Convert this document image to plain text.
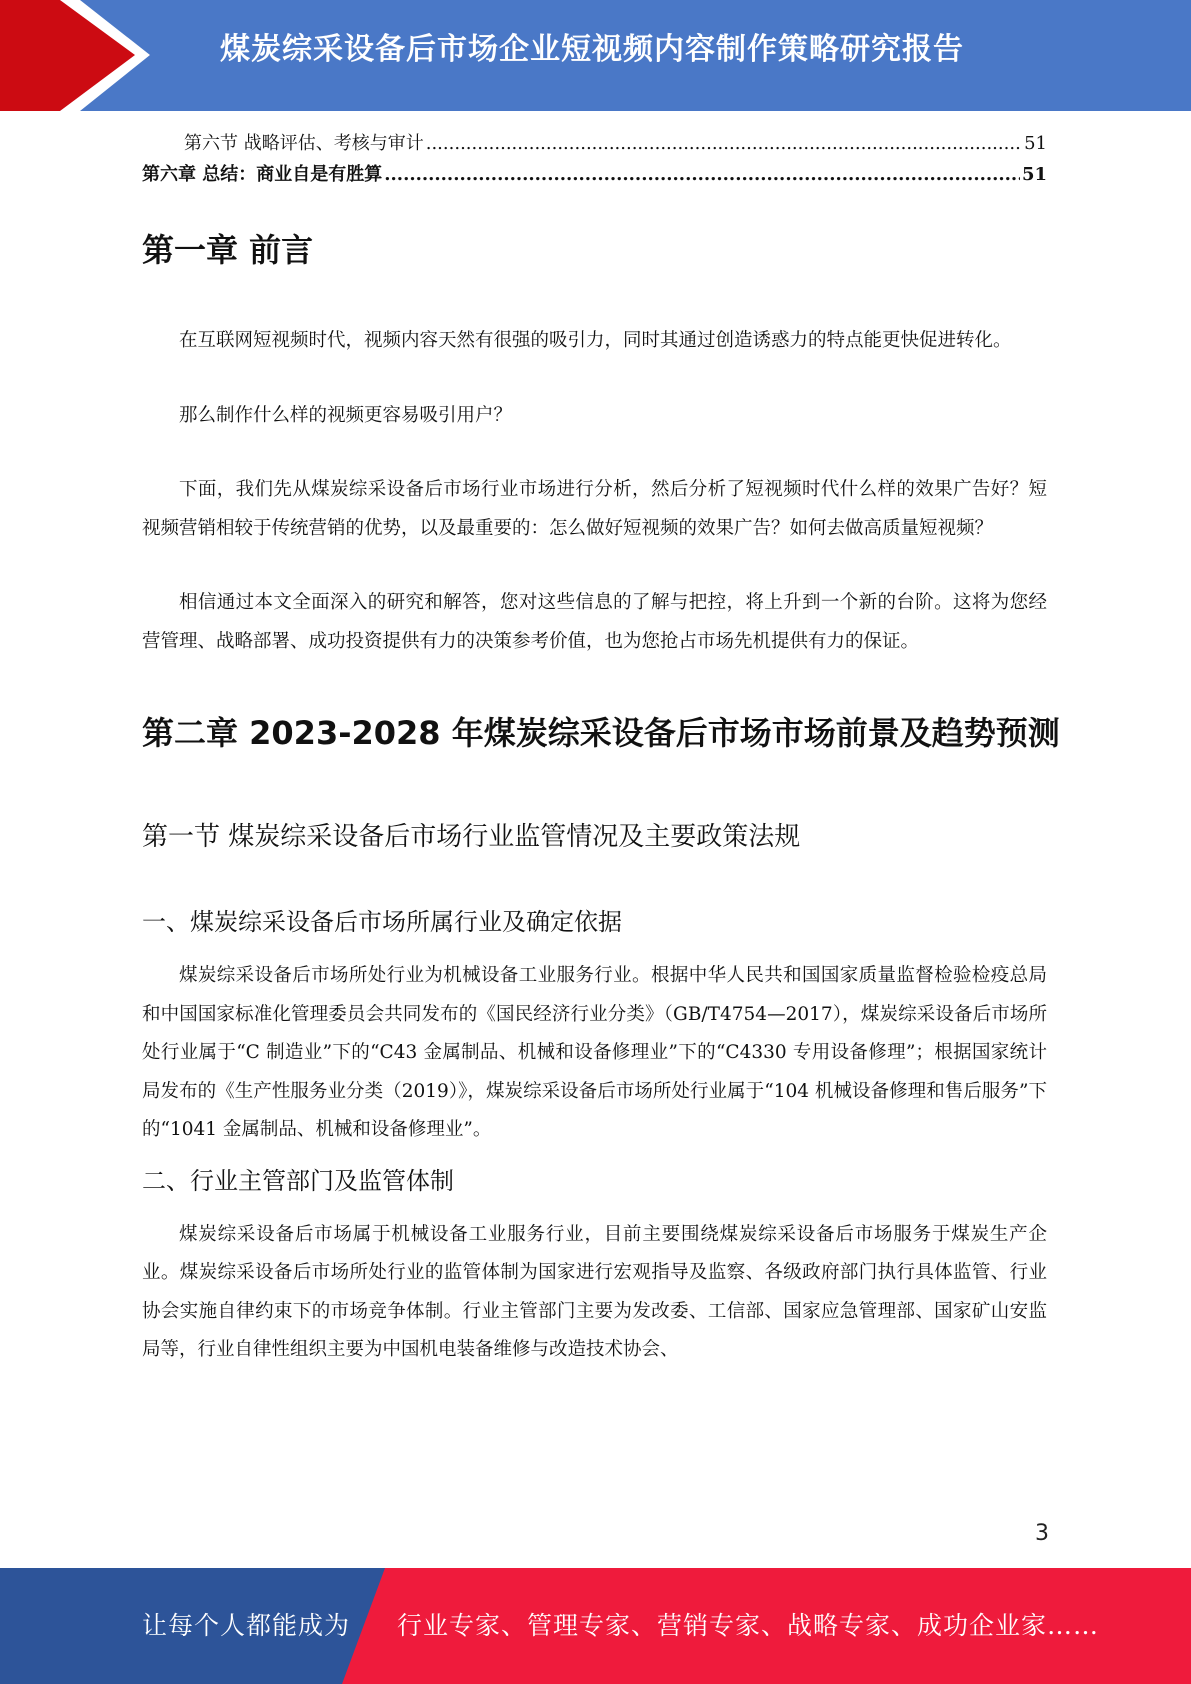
煤炭综采设备后市场企业短视频内容制作策略研究报告
第六节 战略评估、考核与审计 .....	51
第六章 总结：商业自是有胜算 .....	51
第一章 前言

在互联网短视频时代，视频内容天然有很强的吸引力，同时其通过创造诱惑力的特点能更快促进转化。

那么制作什么样的视频更容易吸引用户？

下面，我们先从煤炭综采设备后市场行业市场进行分析，然后分析了短视频时代什么样的效果广告好？短视频营销相较于传统营销的优势，以及最重要的：怎么做好短视频的效果广告？如何去做高质量短视频？

相信通过本文全面深入的研究和解答，您对这些信息的了解与把控，将上升到一个新的台阶。这将为您经营管理、战略部署、成功投资提供有力的决策参考价值，也为您抢占市场先机提供有力的保证。

第二章 2023-2028 年煤炭综采设备后市场市场前景及趋势预测
第一节 煤炭综采设备后市场行业监管情况及主要政策法规
一、煤炭综采设备后市场所属行业及确定依据

煤炭综采设备后市场所处行业为机械设备工业服务行业。根据中华人民共和国国家质量监督检验检疫总局和中国国家标准化管理委员会共同发布的《国民经济行业分类》（GB/T4754—2017），煤炭综采设备后市场所处行业属于“C 制造业”下的“C43 金属制品、机械和设备修理业”下的“C4330 专用设备修理”；根据国家统计局发布的《生产性服务业分类（2019）》，煤炭综采设备后市场所处行业属于“104 机械设备修理和售后服务”下的“1041 金属制品、机械和设备修理业”。

二、行业主管部门及监管体制

煤炭综采设备后市场属于机械设备工业服务行业，目前主要围绕煤炭综采设备后市场服务于煤炭生产企业。煤炭综采设备后市场所处行业的监管体制为国家进行宏观指导及监察、各级政府部门执行具体监管、行业协会实施自律约束下的市场竞争体制。行业主管部门主要为发改委、工信部、国家应急管理部、国家矿山安监局等，行业自律性组织主要为中国机电装备维修与改造技术协会、

3
让每个人都能成为 行业专家、管理专家、营销专家、战略专家、成功企业家……
